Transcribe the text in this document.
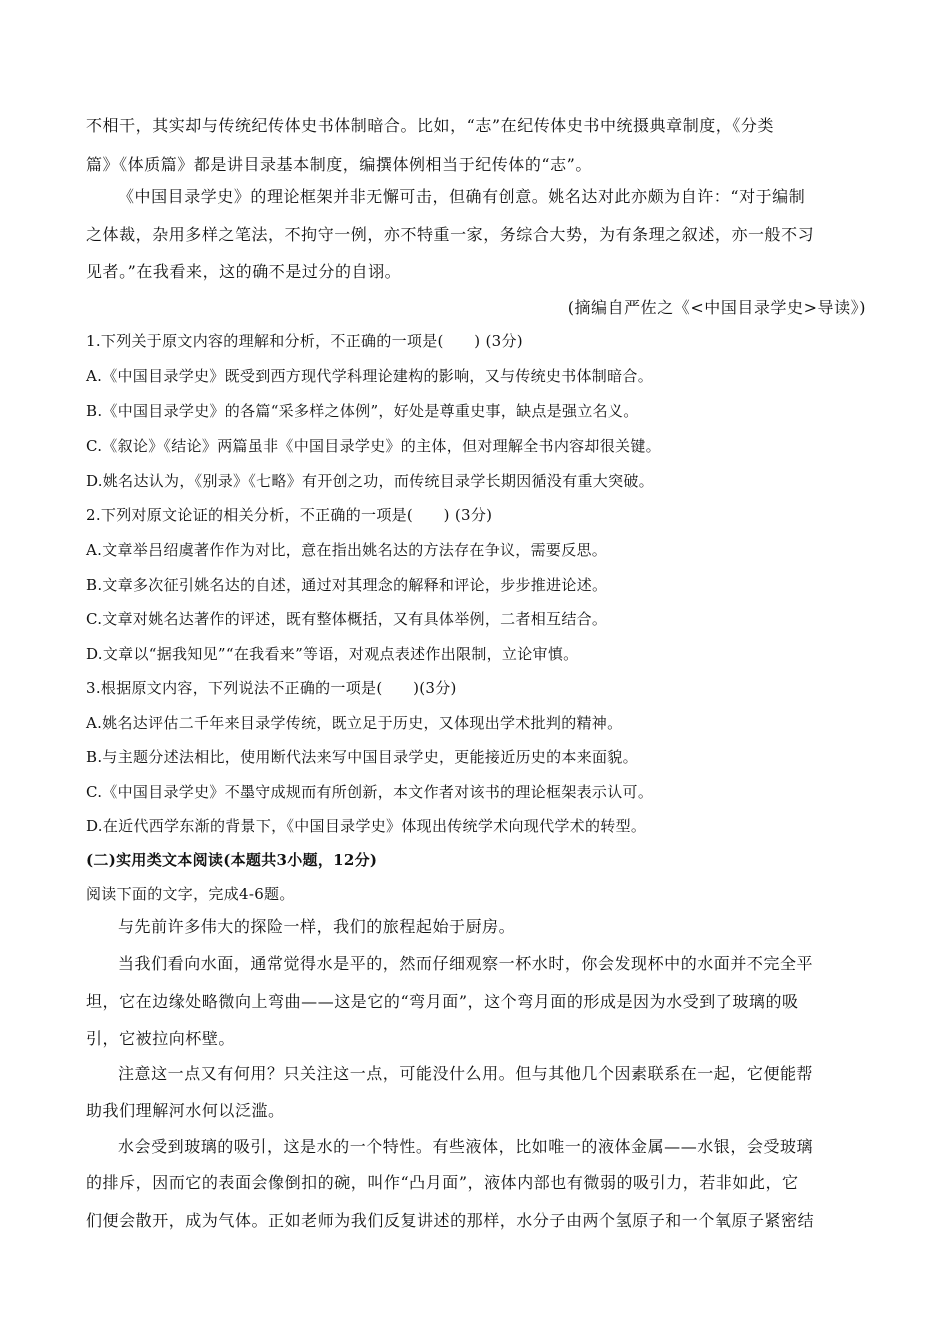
不相干，其实却与传统纪传体史书体制暗合。比如，“志”在纪传体史书中统摄典章制度，《分类
篇》《体质篇》都是讲目录基本制度，编撰体例相当于纪传体的“志”。
《中国目录学史》的理论框架并非无懈可击，但确有创意。姚名达对此亦颇为自许：“对于编制
之体裁，杂用多样之笔法，不拘守一例，亦不特重一家，务综合大势，为有条理之叙述，亦一般不习
见者。”在我看来，这的确不是过分的自诩。
(摘编自严佐之《<中国目录学史>导读》)
1.下列关于原文内容的理解和分析，不正确的一项是(　　) (3分)
A.《中国目录学史》既受到西方现代学科理论建构的影响，又与传统史书体制暗合。
B.《中国目录学史》的各篇“采多样之体例”，好处是尊重史事，缺点是强立名义。
C.《叙论》《结论》两篇虽非《中国目录学史》的主体，但对理解全书内容却很关键。
D.姚名达认为，《别录》《七略》有开创之功，而传统目录学长期因循没有重大突破。
2.下列对原文论证的相关分析，不正确的一项是(　　) (3分)
A.文章举吕绍虞著作作为对比，意在指出姚名达的方法存在争议，需要反思。
B.文章多次征引姚名达的自述，通过对其理念的解释和评论，步步推进论述。
C.文章对姚名达著作的评述，既有整体概括，又有具体举例，二者相互结合。
D.文章以“据我知见”“在我看来”等语，对观点表述作出限制，立论审慎。
3.根据原文内容，下列说法不正确的一项是(　　)(3分)
A.姚名达评估二千年来目录学传统，既立足于历史，又体现出学术批判的精神。
B.与主题分述法相比，使用断代法来写中国目录学史，更能接近历史的本来面貌。
C.《中国目录学史》不墨守成规而有所创新，本文作者对该书的理论框架表示认可。
D.在近代西学东渐的背景下，《中国目录学史》体现出传统学术向现代学术的转型。
(二)实用类文本阅读(本题共3小题，12分)
阅读下面的文字，完成4-6题。
与先前许多伟大的探险一样，我们的旅程起始于厨房。
当我们看向水面，通常觉得水是平的，然而仔细观察一杯水时，你会发现杯中的水面并不完全平
坦，它在边缘处略微向上弯曲——这是它的“弯月面”，这个弯月面的形成是因为水受到了玻璃的吸
引，它被拉向杯壁。
注意这一点又有何用？只关注这一点，可能没什么用。但与其他几个因素联系在一起，它便能帮
助我们理解河水何以泛滥。
水会受到玻璃的吸引，这是水的一个特性。有些液体，比如唯一的液体金属——水银，会受玻璃
的排斥，因而它的表面会像倒扣的碗，叫作“凸月面”，液体内部也有微弱的吸引力，若非如此，它
们便会散开，成为气体。正如老师为我们反复讲述的那样，水分子由两个氢原子和一个氧原子紧密结
